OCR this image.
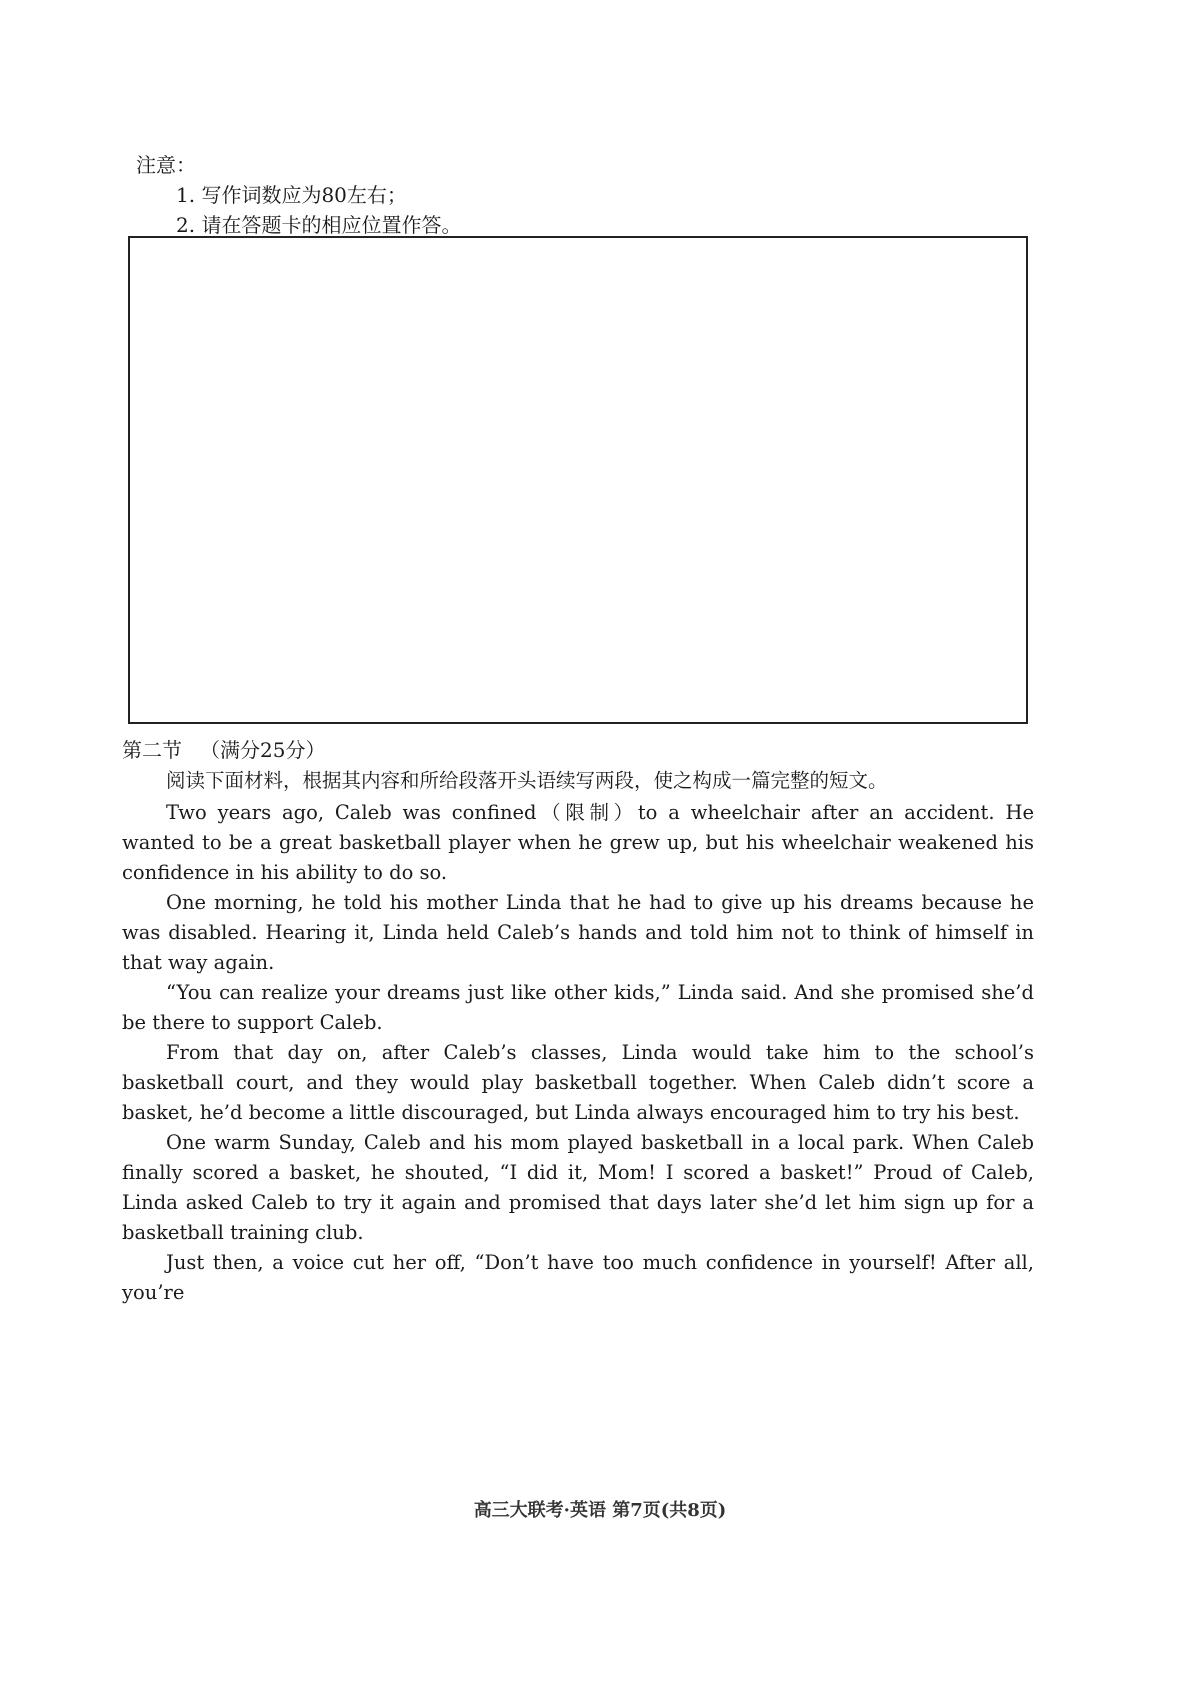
注意：
1. 写作词数应为80左右；
2. 请在答题卡的相应位置作答。
第二节 （满分25分）

阅读下面材料，根据其内容和所给段落开头语续写两段，使之构成一篇完整的短文。

Two years ago, Caleb was confined（限制）to a wheelchair after an accident. He wanted to be a great basketball player when he grew up, but his wheelchair weakened his confidence in his ability to do so.

One morning, he told his mother Linda that he had to give up his dreams because he was disabled. Hearing it, Linda held Caleb’s hands and told him not to think of himself in that way again.

“You can realize your dreams just like other kids,” Linda said. And she promised she’d be there to support Caleb.

From that day on, after Caleb’s classes, Linda would take him to the school’s basketball court, and they would play basketball together. When Caleb didn’t score a basket, he’d become a little discouraged, but Linda always encouraged him to try his best.

One warm Sunday, Caleb and his mom played basketball in a local park. When Caleb finally scored a basket, he shouted, “I did it, Mom! I scored a basket!” Proud of Caleb, Linda asked Caleb to try it again and promised that days later she’d let him sign up for a basketball training club.

Just then, a voice cut her off, “Don’t have too much confidence in yourself! After all, you’re

高三大联考·英语 第7页(共8页)
